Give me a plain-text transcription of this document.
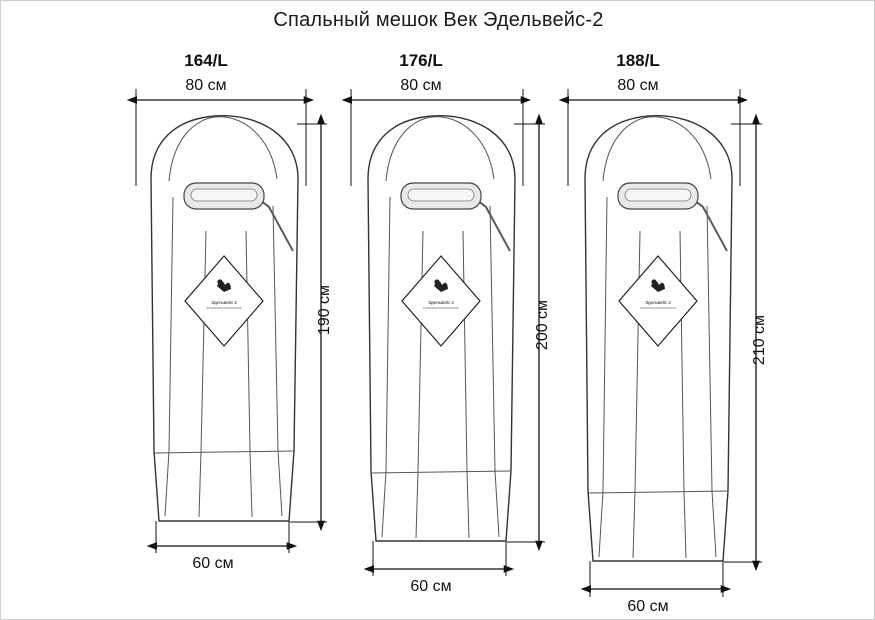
Спальный мешок Век Эдельвейс-2
164/L	176/L	188/L
80 см	80 см	80 см
190 см	200 см	210 см
60 см
60 см
60 см
Эдельвейс 2	Эдельвейс 2	Эдельвейс 2
